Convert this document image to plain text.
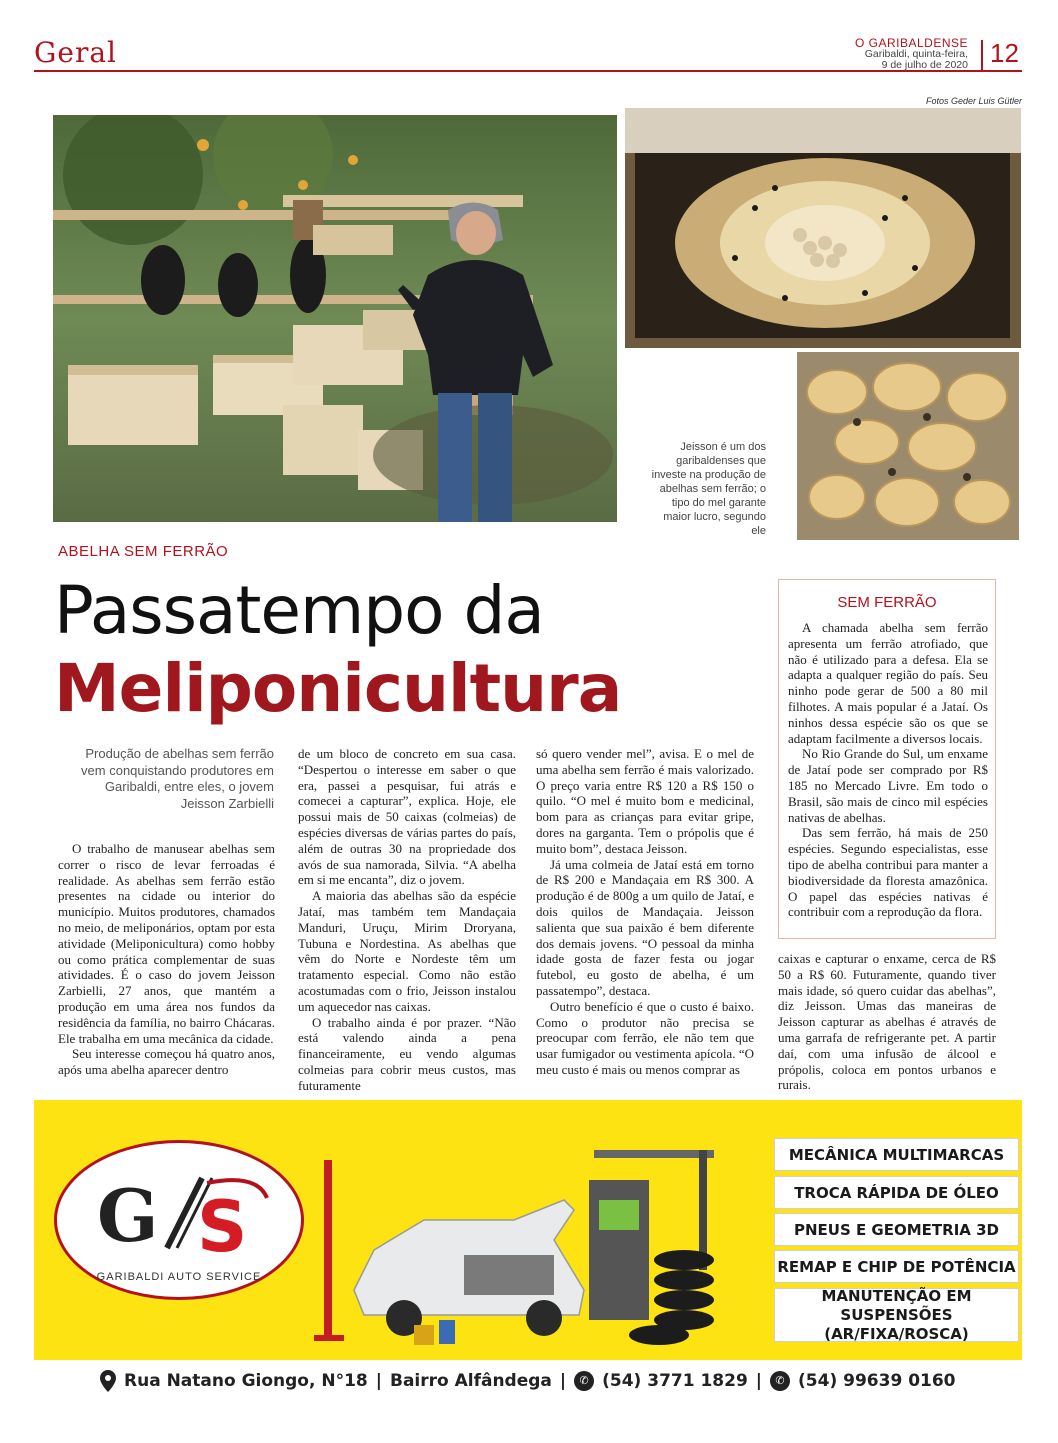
Geral	O GARIBALDENSE
Garibaldi, quinta-feira,
9 de julho de 2020 12
Fotos Geder Luis Gütler
Jeisson é um dos garibaldenses que investe na produção de abelhas sem ferrão; o tipo do mel garante maior lucro, segundo ele
ABELHA SEM FERRÃO
Passatempo da
Meliponicultura
Produção de abelhas sem ferrão vem conquistando produtores em Garibaldi, entre eles, o jovem Jeisson Zarbielli

O trabalho de manusear abelhas sem correr o risco de levar ferroadas é realidade. As abelhas sem ferrão estão presentes na cidade ou interior do município. Muitos produtores, chamados no meio, de meliponários, optam por esta atividade (Meliponicultura) como hobby ou como prática complementar de suas atividades. É o caso do jovem Jeisson Zarbielli, 27 anos, que mantém a produção em uma área nos fundos da residência da família, no bairro Chácaras. Ele trabalha em uma mecânica da cidade.

Seu interesse começou há quatro anos, após uma abelha aparecer dentro

de um bloco de concreto em sua casa. “Despertou o interesse em saber o que era, passei a pesquisar, fui atrás e comecei a capturar”, explica. Hoje, ele possui mais de 50 caixas (colmeias) de espécies diversas de várias partes do país, além de outras 30 na propriedade dos avós de sua namorada, Silvia. “A abelha em si me encanta”, diz o jovem.

A maioria das abelhas são da espécie Jataí, mas também tem Mandaçaia Manduri, Uruçu, Mirim Droryana, Tubuna e Nordestina. As abelhas que vêm do Norte e Nordeste têm um tratamento especial. Como não estão acostumadas com o frio, Jeisson instalou um aquecedor nas caixas.

O trabalho ainda é por prazer. “Não está valendo ainda a pena financeiramente, eu vendo algumas colmeias para cobrir meus custos, mas futuramente

só quero vender mel”, avisa. E o mel de uma abelha sem ferrão é mais valorizado. O preço varia entre R$ 120 a R$ 150 o quilo. “O mel é muito bom e medicinal, bom para as crianças para evitar gripe, dores na garganta. Tem o própolis que é muito bom”, destaca Jeisson.

Já uma colmeia de Jataí está em torno de R$ 200 e Mandaçaia em R$ 300. A produção é de 800g a um quilo de Jataí, e dois quilos de Mandaçaia. Jeisson salienta que sua paixão é bem diferente dos demais jovens. “O pessoal da minha idade gosta de fazer festa ou jogar futebol, eu gosto de abelha, é um passatempo”, destaca.

Outro benefício é que o custo é baixo. Como o produtor não precisa se preocupar com ferrão, ele não tem que usar fumigador ou vestimenta apícola. “O meu custo é mais ou menos comprar as

SEM FERRÃO

A chamada abelha sem ferrão apresenta um ferrão atrofiado, que não é utilizado para a defesa. Ela se adapta a qualquer região do país. Seu ninho pode gerar de 500 a 80 mil filhotes. A mais popular é a Jataí. Os ninhos dessa espécie são os que se adaptam facilmente a diversos locais.

No Rio Grande do Sul, um enxame de Jataí pode ser comprado por R$ 185 no Mercado Livre. Em todo o Brasil, são mais de cinco mil espécies nativas de abelhas.

Das sem ferrão, há mais de 250 espécies. Segundo especialistas, esse tipo de abelha contribui para manter a biodiversidade da floresta amazônica. O papel das espécies nativas é contribuir com a reprodução da flora.

caixas e capturar o enxame, cerca de R$ 50 a R$ 60. Futuramente, quando tiver mais idade, só quero cuidar das abelhas”, diz Jeisson. Umas das maneiras de Jeisson capturar as abelhas é através de uma garrafa de refrigerante pet. A partir daí, com uma infusão de álcool e própolis, coloca em pontos urbanos e rurais.

G S
GARIBALDI AUTO SERVICE
MECÂNICA MULTIMARCAS
TROCA RÁPIDA DE ÓLEO
PNEUS E GEOMETRIA 3D
REMAP E CHIP DE POTÊNCIA
MANUTENÇÃO EM SUSPENSÕES (AR/FIXA/ROSCA)
Rua Natano Giongo, N°18 | Bairro Alfândega |	✆ (54) 3771 1829 |	✆ (54) 99639 0160
